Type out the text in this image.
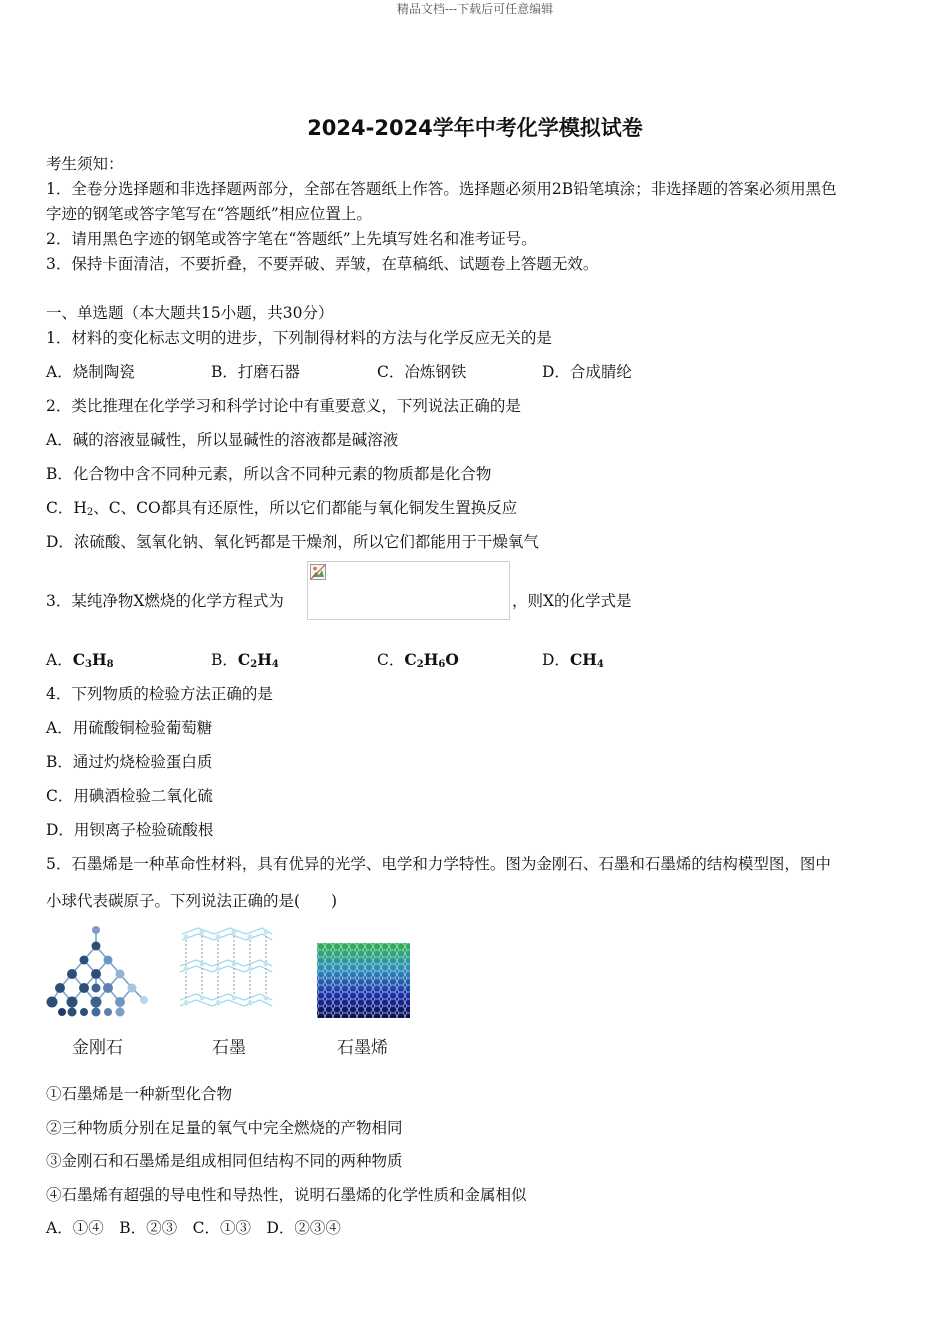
精品文档---下载后可任意编辑
2024-2024学年中考化学模拟试卷
考生须知：
1．全卷分选择题和非选择题两部分，全部在答题纸上作答。选择题必须用2B铅笔填涂；非选择题的答案必须用黑色
字迹的钢笔或答字笔写在“答题纸”相应位置上。
2．请用黑色字迹的钢笔或答字笔在“答题纸”上先填写姓名和准考证号。
3．保持卡面清洁，不要折叠，不要弄破、弄皱，在草稿纸、试题卷上答题无效。
一、单选题（本大题共15小题，共30分）
1．材料的变化标志文明的进步，下列制得材料的方法与化学反应无关的是
A．烧制陶瓷	B．打磨石器	C．冶炼钢铁	D．合成腈纶
2．类比推理在化学学习和科学讨论中有重要意义，下列说法正确的是
A．碱的溶液显碱性，所以显碱性的溶液都是碱溶液
B．化合物中含不同种元素，所以含不同种元素的物质都是化合物
C．$H_2$、C、CO都具有还原性，所以它们都能与氧化铜发生置换反应
D．浓硫酸、氢氧化钠、氧化钙都是干燥剂，所以它们都能用于干燥氧气
3．某纯净物X燃烧的化学方程式为	，则X的化学式是
A．$C_3H_8$	B．$C_2H_4$	C．$C_2H_6O$	D．$CH_4$
4．下列物质的检验方法正确的是
A．用硫酸铜检验葡萄糖
B．通过灼烧检验蛋白质
C．用碘酒检验二氧化硫
D．用钡离子检验硫酸根
5．石墨烯是一种革命性材料，具有优异的光学、电学和力学特性。图为金刚石、石墨和石墨烯的结构模型图，图中
小球代表碳原子。下列说法正确的是(　　)
金刚石	石墨	石墨烯
①石墨烯是一种新型化合物
②三种物质分别在足量的氧气中完全燃烧的产物相同
③金刚石和石墨烯是组成相同但结构不同的两种物质
④石墨烯有超强的导电性和导热性，说明石墨烯的化学性质和金属相似
A．①④　B．②③　C．①③　D．②③④
